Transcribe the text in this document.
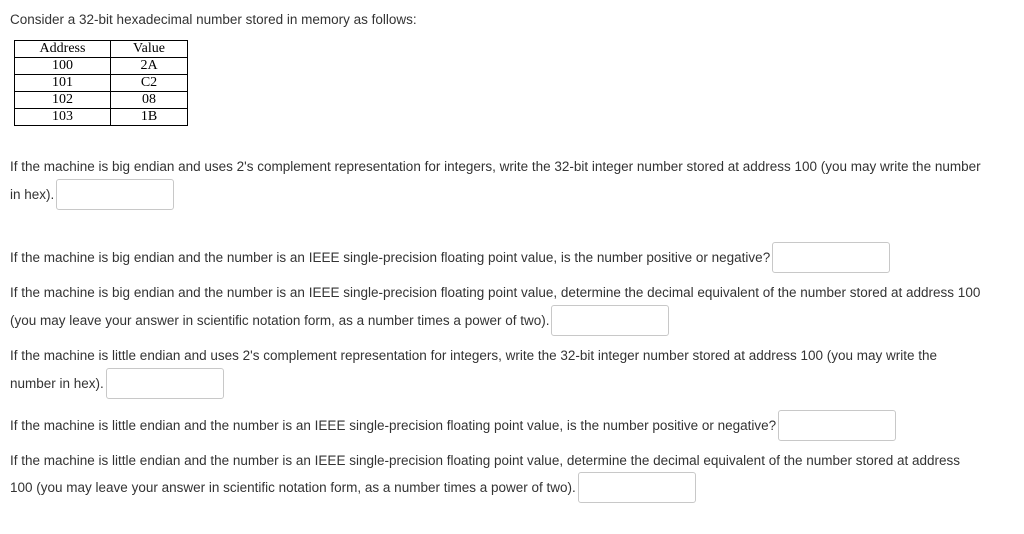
Consider a 32-bit hexadecimal number stored in memory as follows:
Address	Value
100	2A
101	C2
102	08
103	1B
If the machine is big endian and uses 2's complement representation for integers, write the 32-bit integer number stored at address 100 (you may write the number
in hex).
If the machine is big endian and the number is an IEEE single-precision floating point value, is the number positive or negative?
If the machine is big endian and the number is an IEEE single-precision floating point value, determine the decimal equivalent of the number stored at address 100
(you may leave your answer in scientific notation form, as a number times a power of two).
If the machine is little endian and uses 2's complement representation for integers, write the 32-bit integer number stored at address 100 (you may write the
number in hex).
If the machine is little endian and the number is an IEEE single-precision floating point value, is the number positive or negative?
If the machine is little endian and the number is an IEEE single-precision floating point value, determine the decimal equivalent of the number stored at address
100 (you may leave your answer in scientific notation form, as a number times a power of two).
